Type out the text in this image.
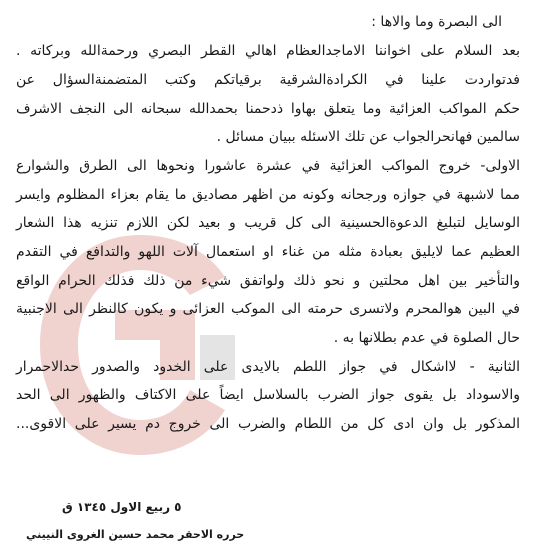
الى البصرة وما والاها :
بعد السلام على اخواننا الاماجدالعظام اهالي القطر البصري ورحمةالله وبركاته .
فدتواردت علينا في الكرادةالشرقية برقياتكم وكتب المتضمنةالسؤال عن
حكم المواكب العزائية وما يتعلق بهاوا ذدحمنا بحمدالله سبحانه الى النجف الاشرف
سالمين فهانحرالجواب عن تلك الاسئله ببيان مسائل .
الاولى- خروج المواكب العزائية في عشرة عاشورا ونحوها الى الطرق والشوارع
مما لاشبهة في جوازه ورجحانه وكونه من اظهر مصاديق ما يقام بعزاء المظلوم وايسر
الوسايل لتبليغ الدعوةالحسينية الى كل قريب و بعيد لكن اللازم تنزيه هذا الشعار
العظيم عما لايليق بعبادة مثله من غناء او استعمال آلات اللهو والتدافع في التقدم
والتأخير بين اهل محلتين و نحو ذلك ولواتفق شيء من ذلك فذلك الحرام الواقع
في البين هوالمحرم ولاتسرى حرمته الى الموكب العزائى و يكون كالنظر الى الاجنبية
حال الصلوة في عدم بطلانها به .
الثانية - لااشكال في جواز اللطم بالايدى على الخدود والصدور حدالاحمرار
والاسوداد بل يقوى جواز الضرب بالسلاسل ايضاً على الاكتاف والظهور الى الحد
المذكور بل وان ادى كل من اللطام والضرب الى خروج دم يسير على الاقوى...
٥ ربيع الاول ١٣٤٥ ق
حرره الاحقر محمد حسين الغروى النييني
